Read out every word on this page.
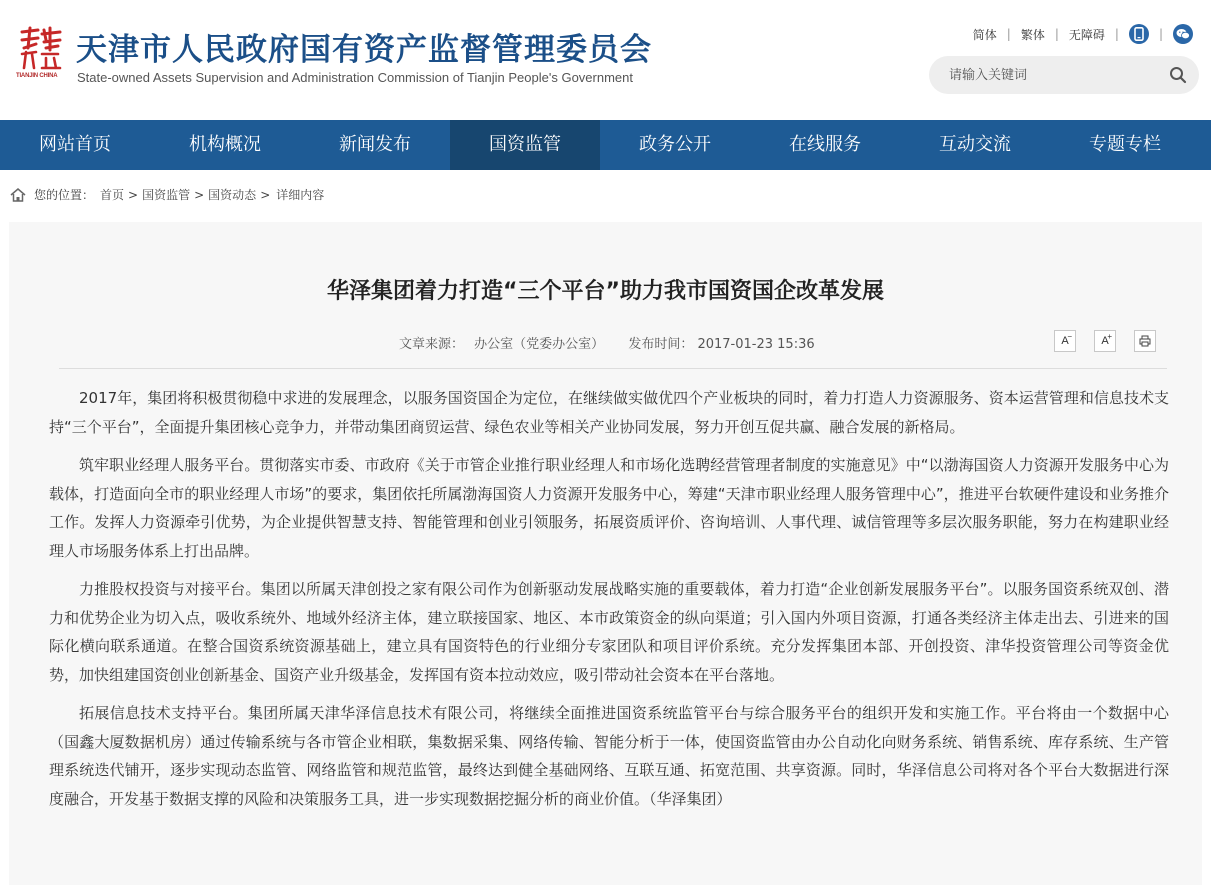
TIANJIN CHINA
天津市人民政府国有资产监督管理委员会
State-owned Assets Supervision and Administration Commission of Tianjin People's Government
简体 | 繁体 | 无障碍 |	|
请输入关键词
网站首页	机构概况	新闻发布	国资监管	政务公开	在线服务	互动交流	专题专栏
您的位置： 首页 > 国资监管 > 国资动态 > 详细内容
华泽集团着力打造“三个平台”助力我市国资国企改革发展
文章来源： 办公室（党委办公室） 发布时间： 2017-01-23 15:36	A
−	A
+

2017年，集团将积极贯彻稳中求进的发展理念，以服务国资国企为定位，在继续做实做优四个产业板块的同时，着力打造人力资源服务、资本运营管理和信息技术支持“三个平台”，全面提升集团核心竞争力，并带动集团商贸运营、绿色农业等相关产业协同发展，努力开创互促共赢、融合发展的新格局。

筑牢职业经理人服务平台。贯彻落实市委、市政府《关于市管企业推行职业经理人和市场化选聘经营管理者制度的实施意见》中“以渤海国资人力资源开发服务中心为载体，打造面向全市的职业经理人市场”的要求，集团依托所属渤海国资人力资源开发服务中心，筹建“天津市职业经理人服务管理中心”，推进平台软硬件建设和业务推介工作。发挥人力资源牵引优势，为企业提供智慧支持、智能管理和创业引领服务，拓展资质评价、咨询培训、人事代理、诚信管理等多层次服务职能，努力在构建职业经理人市场服务体系上打出品牌。

力推股权投资与对接平台。集团以所属天津创投之家有限公司作为创新驱动发展战略实施的重要载体，着力打造“企业创新发展服务平台”。以服务国资系统双创、潜力和优势企业为切入点，吸收系统外、地域外经济主体，建立联接国家、地区、本市政策资金的纵向渠道；引入国内外项目资源，打通各类经济主体走出去、引进来的国际化横向联系通道。在整合国资系统资源基础上，建立具有国资特色的行业细分专家团队和项目评价系统。充分发挥集团本部、开创投资、津华投资管理公司等资金优势，加快组建国资创业创新基金、国资产业升级基金，发挥国有资本拉动效应，吸引带动社会资本在平台落地。

拓展信息技术支持平台。集团所属天津华泽信息技术有限公司，将继续全面推进国资系统监管平台与综合服务平台的组织开发和实施工作。平台将由一个数据中心（国鑫大厦数据机房）通过传输系统与各市管企业相联，集数据采集、网络传输、智能分析于一体，使国资监管由办公自动化向财务系统、销售系统、库存系统、生产管理系统迭代铺开，逐步实现动态监管、网络监管和规范监管，最终达到健全基础网络、互联互通、拓宽范围、共享资源。同时，华泽信息公司将对各个平台大数据进行深度融合，开发基于数据支撑的风险和决策服务工具，进一步实现数据挖掘分析的商业价值。（华泽集团）
